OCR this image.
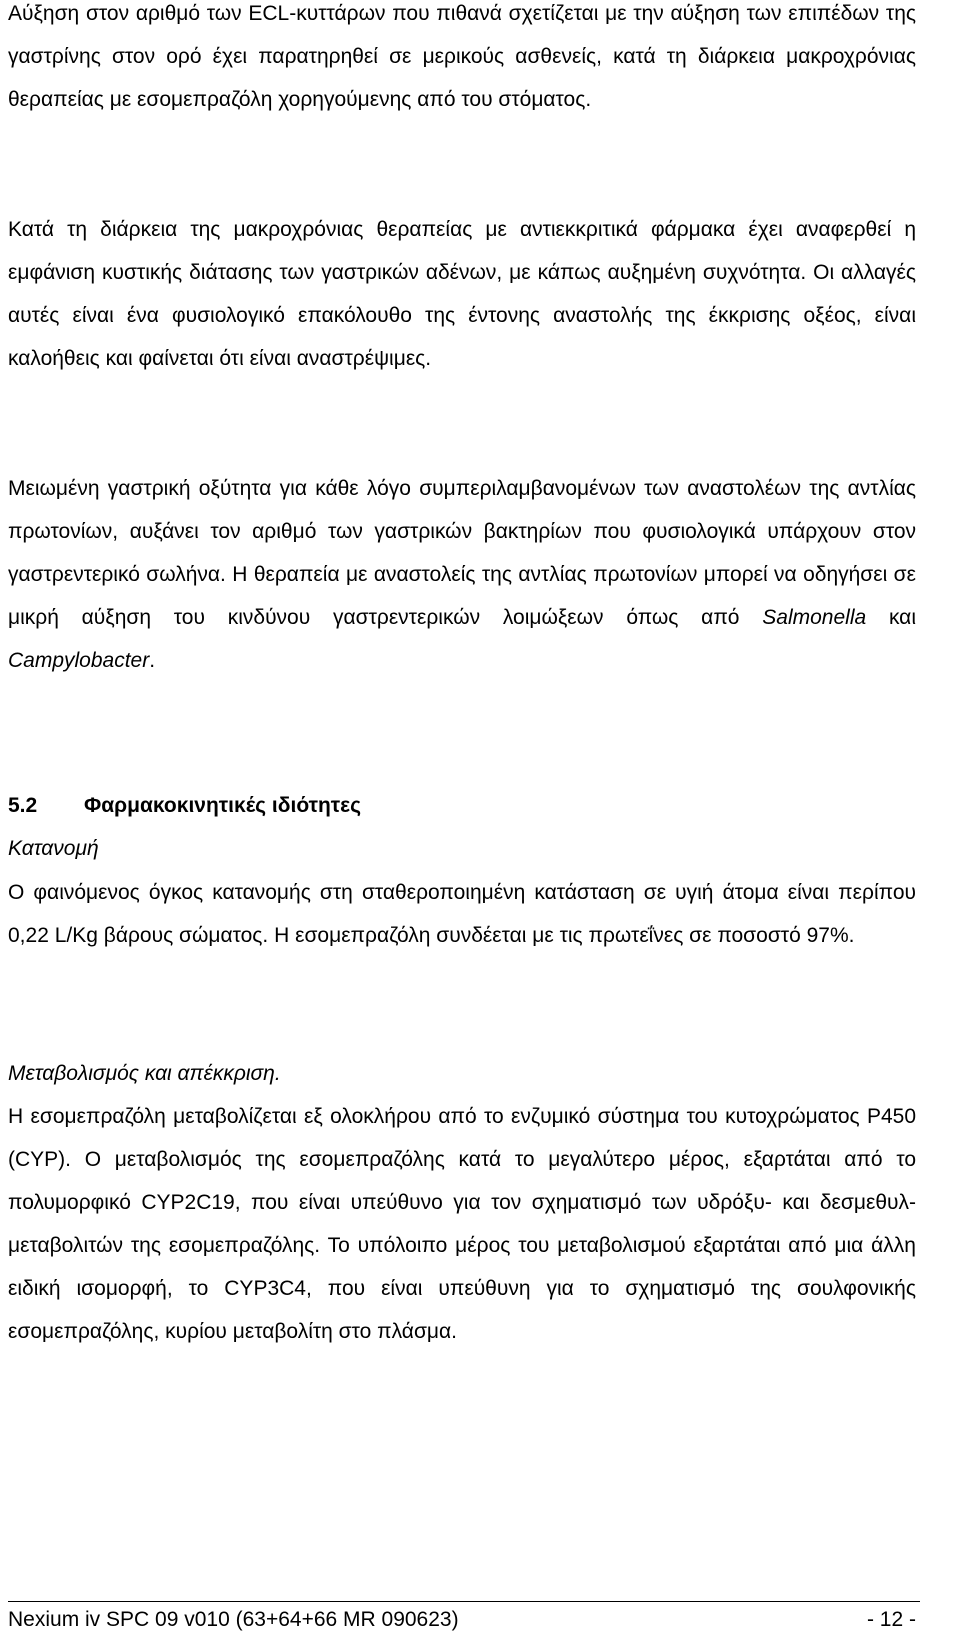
Αύξηση στον αριθμό των ECL-κυττάρων που πιθανά σχετίζεται με την αύξηση των επιπέδων της γαστρίνης στον ορό έχει παρατηρηθεί σε μερικούς ασθενείς, κατά τη διάρκεια μακροχρόνιας θεραπείας με εσομεπραζόλη χορηγούμενης από του στόματος.

Κατά τη διάρκεια της μακροχρόνιας θεραπείας με αντιεκκριτικά φάρμακα έχει αναφερθεί η εμφάνιση κυστικής διάτασης των γαστρικών αδένων, με κάπως αυξημένη συχνότητα. Οι αλλαγές αυτές είναι ένα φυσιολογικό επακόλουθο της έντονης αναστολής της έκκρισης οξέος, είναι καλοήθεις και φαίνεται ότι είναι αναστρέψιμες.

Μειωμένη γαστρική οξύτητα για κάθε λόγο συμπεριλαμβανομένων των αναστολέων της αντλίας πρωτονίων, αυξάνει τον αριθμό των γαστρικών βακτηρίων που φυσιολογικά υπάρχουν στον γαστρεντερικό σωλήνα. Η θεραπεία με αναστολείς της αντλίας πρωτονίων μπορεί να οδηγήσει σε μικρή αύξηση του κινδύνου γαστρεντερικών λοιμώξεων όπως από Salmonella και Campylobacter.

5.2 Φαρμακοκινητικές ιδιότητες

Κατανομή

Ο φαινόμενος όγκος κατανομής στη σταθεροποιημένη κατάσταση σε υγιή άτομα είναι περίπου 0,22 L/Kg βάρους σώματος. Η εσομεπραζόλη συνδέεται με τις πρωτεΐνες σε ποσοστό 97%.

Μεταβολισμός και απέκκριση.

Η εσομεπραζόλη μεταβολίζεται εξ ολοκλήρου από το ενζυμικό σύστημα του κυτοχρώματος P450 (CYP). Ο μεταβολισμός της εσομεπραζόλης κατά το μεγαλύτερο μέρος, εξαρτάται από το πολυμορφικό CYP2C19, που είναι υπεύθυνο για τον σχηματισμό των υδρόξυ- και δεσμεθυλ- μεταβολιτών της εσομεπραζόλης. Το υπόλοιπο μέρος του μεταβολισμού εξαρτάται από μια άλλη ειδική ισομορφή, το CYP3C4, που είναι υπεύθυνη για το σχηματισμό της σουλφονικής εσομεπραζόλης, κυρίου μεταβολίτη στο πλάσμα.

Nexium iv SPC 09 v010 (63+64+66 MR 090623)	- 12 -
